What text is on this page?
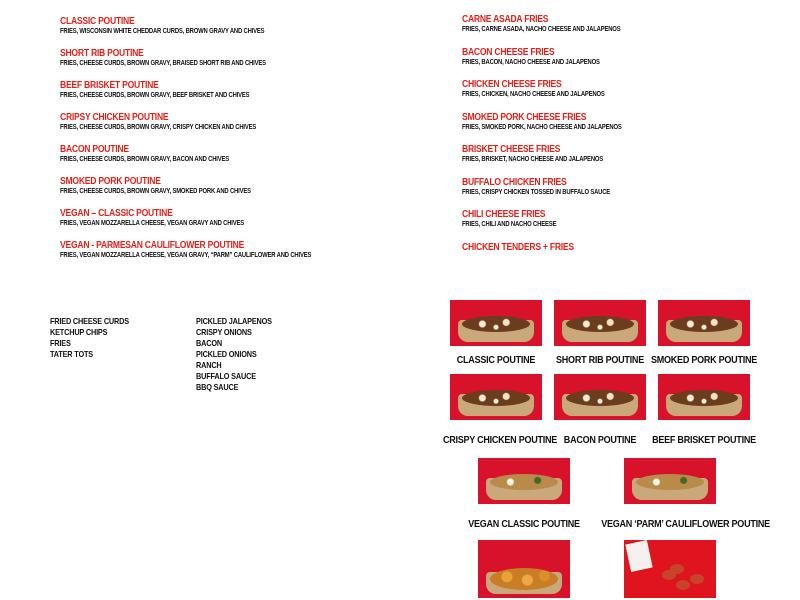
CLASSIC POUTINE
FRIES, WISCONSIN WHITE CHEDDAR CURDS, BROWN GRAVY AND CHIVES
SHORT RIB POUTINE
FRIES, CHEESE CURDS, BROWN GRAVY, BRAISED SHORT RIB AND CHIVES
BEEF BRISKET POUTINE
FRIES, CHEESE CURDS, BROWN GRAVY, BEEF BRISKET AND CHIVES
CRIPSY CHICKEN POUTINE
FRIES, CHEESE CURDS, BROWN GRAVY, CRISPY CHICKEN AND CHIVES
BACON POUTINE
FRIES, CHEESE CURDS, BROWN GRAVY, BACON AND CHIVES
SMOKED PORK POUTINE
FRIES, CHEESE CURDS, BROWN GRAVY, SMOKED PORK AND CHIVES
VEGAN – CLASSIC POUTINE
FRIES, VEGAN MOZZARELLA CHEESE, VEGAN GRAVY AND CHIVES
VEGAN - PARMESAN CAULIFLOWER POUTINE
FRIES, VEGAN MOZZARELLA CHEESE, VEGAN GRAVY, “PARM” CAULIFLOWER AND CHIVES
CARNE ASADA FRIES
FRIES, CARNE ASADA, NACHO CHEESE AND JALAPENOS
BACON CHEESE FRIES
FRIES, BACON, NACHO CHEESE AND JALAPENOS
CHICKEN CHEESE FRIES
FRIES, CHICKEN, NACHO CHEESE AND JALAPENOS
SMOKED PORK CHEESE FRIES
FRIES, SMOKED PORK, NACHO CHEESE AND JALAPENOS
BRISKET CHEESE FRIES
FRIES, BRISKET, NACHO CHEESE AND JALAPENOS
BUFFALO CHICKEN FRIES
FRIES, CRISPY CHICKEN TOSSED IN BUFFALO SAUCE
CHILI CHEESE FRIES
FRIES, CHILI AND NACHO CHEESE
CHICKEN TENDERS + FRIES
FRIED CHEESE CURDS
KETCHUP CHIPS
FRIES
TATER TOTS
PICKLED JALAPENOS
CRISPY ONIONS
BACON
PICKLED ONIONS
RANCH
BUFFALO SAUCE
BBQ SAUCE
CLASSIC POUTINE	SHORT RIB POUTINE SMOKED PORK POUTINE
CRISPY CHICKEN POUTINE BACON POUTINE	BEEF BRISKET POUTINE
VEGAN CLASSIC POUTINE	VEGAN ‘PARM’ CAULIFLOWER POUTINE
